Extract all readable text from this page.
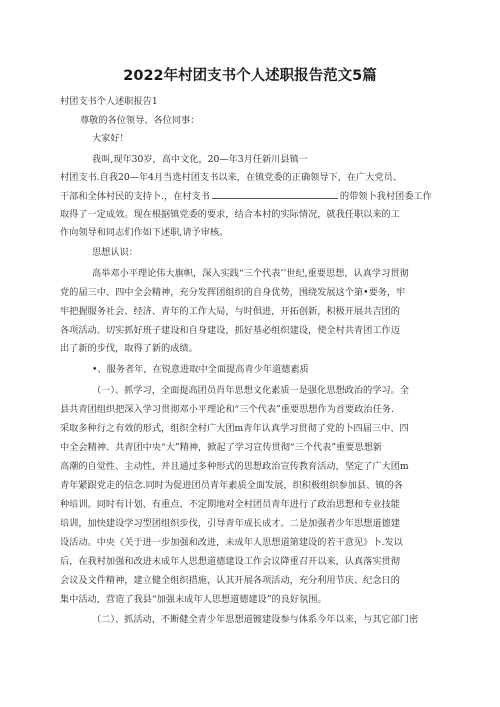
2022年村团支书个人述职报告范文5篇
村团支书个人述职报告1
尊敬的各位领导、各位同事：
大家好！
我叫,现年30岁，高中文化，20—年3月任新川县镇一
村团支书.自我20—年4月当选村团支书以来，在镇党委的正确领导下，在广大党员、
干部和全体村民的支持卜.，在村支书	的带领卜我村团委工作
取得了一定成效。现在根据镇党委的要求，结合本村的实际情况，就我任职以来的工
作向领导和同志们作如下述职,请予审核。
思想认识：
高举邓小平理论伟大旗帜，深入实践“三个代表’’世纪,重要思想，认真学习贯彻
党的届三中、四中全会精神，充分发挥团组织的自身优势，围绕发展这个第•要务，牢
牢把握服务社会、经济、青年的工作大局，与时俱进，开拓创新，积极开展共吉团的
各项活动。切实抓好班子建设和自身建设，抓好基必组织建设，使全村共青团工作迈
出了新的步伐，取得了新的成绩。
•、服务者年，在锐意进取中全面提高青少年道德素质
（一）、抓学习，全面提高团员肖年思想文化素质一是强化思想政治的学习。全
县共青团组织把深入学习贯彻邓小平理论和“三个代表”重要思想作为首要政治任务.
采取多种行之有效的形式，组织全村广大团m青年认真学习贯彻了党的卜四届三中、四
中全会精神、共青团中央“大”精神，掀起了学习宣传贯彻“三个代表”重要思想新
高潮的自觉性、主动性，并且通过多种形式的思想政治宣传教育活动，坚定了广大团m
青年紧跟党走的信念.同时为促进团员青年素质全面发展，织积极组织参加县、镇的各
种培训。同时有计划、有重点、不定期地对全村团员青年进行了政治思想和专业技能
培训，加快建设学习型团组织步伐，引导青年成长成才。二是加强者少年思想道德建
设活动。中央《关于进一步加强和改进，未成年人思想道第建设的若干意见》卜.发以
后，在我村加强和改进未成年人思想道德建设工作会议降重召开以来，认真落实贯彻
会议及文件精神，建立健全组织措施，认其开展各项活动，充分利用节庆、纪念日的
集中活动，营造了我县“加强未成年人思想道德建设”的良好氛围。
（二）、抓活动，不断健全青少年思想道镀建设参与体系今年以来，与其它部门密
